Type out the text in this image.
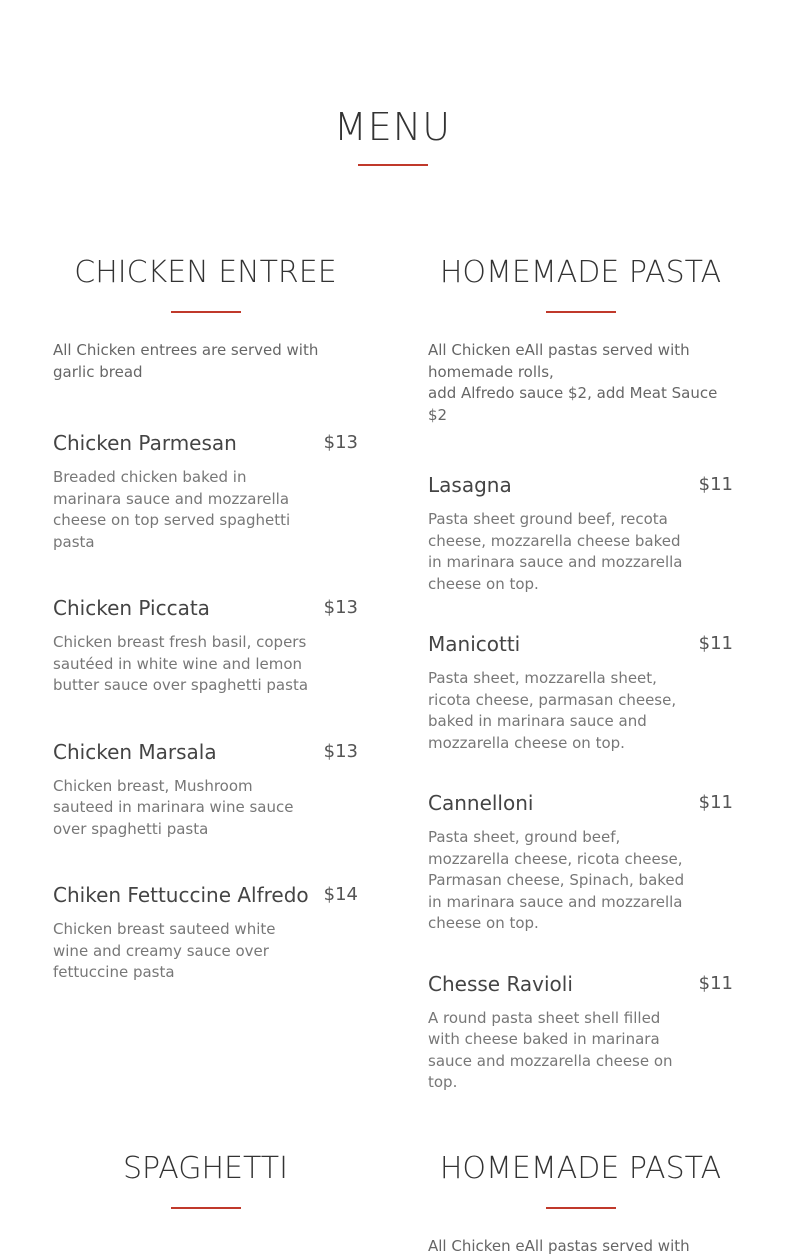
MENU
CHICKEN ENTREE

All Chicken entrees are served with garlic bread

Chicken Parmesan	$13

Breaded chicken baked in marinara sauce and mozzarella cheese on top served spaghetti pasta

Chicken Piccata	$13

Chicken breast fresh basil, copers sautéed in white wine and lemon butter sauce over spaghetti pasta

Chicken Marsala	$13

Chicken breast, Mushroom sauteed in marinara wine sauce over spaghetti pasta

Chiken Fettuccine Alfredo $14

Chicken breast sauteed white wine and creamy sauce over fettuccine pasta

HOMEMADE PASTA

All Chicken eAll pastas served with homemade rolls,
add Alfredo sauce $2, add Meat Sauce $2

Lasagna	$11

Pasta sheet ground beef, recota cheese, mozzarella cheese baked in marinara sauce and mozzarella cheese on top.

Manicotti	$11

Pasta sheet, mozzarella sheet, ricota cheese, parmasan cheese, baked in marinara sauce and mozzarella cheese on top.

Cannelloni	$11

Pasta sheet, ground beef, mozzarella cheese, ricota cheese, Parmasan cheese, Spinach, baked in marinara sauce and mozzarella cheese on top.

Chesse Ravioli	$11

A round pasta sheet shell filled with cheese baked in marinara sauce and mozzarella cheese on top.

SPAGHETTI	HOMEMADE PASTA

All Chicken eAll pastas served with
